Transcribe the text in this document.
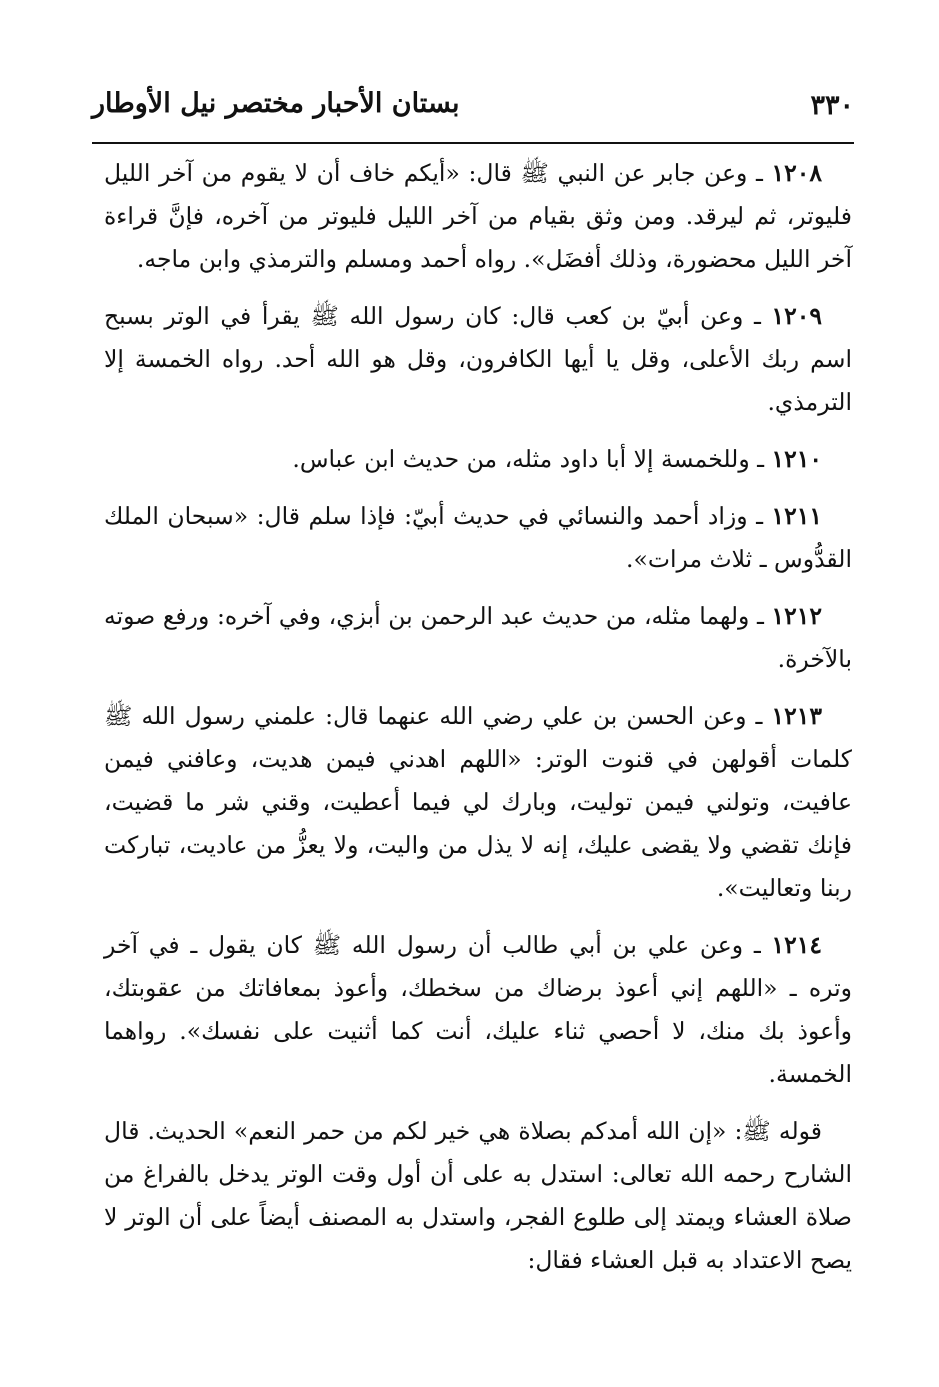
٣٣٠
بستان الأحبار مختصر نيل الأوطار

١٢٠٨ ـ وعن جابر عن النبي ﷺ قال: «أيكم خاف أن لا يقوم من آخر الليل فليوتر، ثم ليرقد. ومن وثق بقيام من آخر الليل فليوتر من آخره، فإنَّ قراءة آخر الليل محضورة، وذلك أفضَل». رواه أحمد ومسلم والترمذي وابن ماجه.

١٢٠٩ ـ وعن أبيّ بن كعب قال: كان رسول الله ﷺ يقرأ في الوتر بسبح اسم ربك الأعلى، وقل يا أيها الكافرون، وقل هو الله أحد. رواه الخمسة إلا الترمذي.

١٢١٠ ـ وللخمسة إلا أبا داود مثله، من حديث ابن عباس.

١٢١١ ـ وزاد أحمد والنسائي في حديث أبيّ: فإذا سلم قال: «سبحان الملك القدُّوس ـ ثلاث مرات».

١٢١٢ ـ ولهما مثله، من حديث عبد الرحمن بن أبزي، وفي آخره: ورفع صوته بالآخرة.

١٢١٣ ـ وعن الحسن بن علي رضي الله عنهما قال: علمني رسول الله ﷺ كلمات أقولهن في قنوت الوتر: «اللهم اهدني فيمن هديت، وعافني فيمن عافيت، وتولني فيمن توليت، وبارك لي فيما أعطيت، وقني شر ما قضيت، فإنك تقضي ولا يقضى عليك، إنه لا يذل من واليت، ولا يعزُّ من عاديت، تباركت ربنا وتعاليت».

١٢١٤ ـ وعن علي بن أبي طالب أن رسول الله ﷺ كان يقول ـ في آخر وتره ـ «اللهم إني أعوذ برضاك من سخطك، وأعوذ بمعافاتك من عقوبتك، وأعوذ بك منك، لا أحصي ثناء عليك، أنت كما أثنيت على نفسك». رواهما الخمسة.

قوله ﷺ: «إن الله أمدكم بصلاة هي خير لكم من حمر النعم» الحديث. قال الشارح رحمه الله تعالى: استدل به على أن أول وقت الوتر يدخل بالفراغ من صلاة العشاء ويمتد إلى طلوع الفجر، واستدل به المصنف أيضاً على أن الوتر لا يصح الاعتداد به قبل العشاء فقال:
